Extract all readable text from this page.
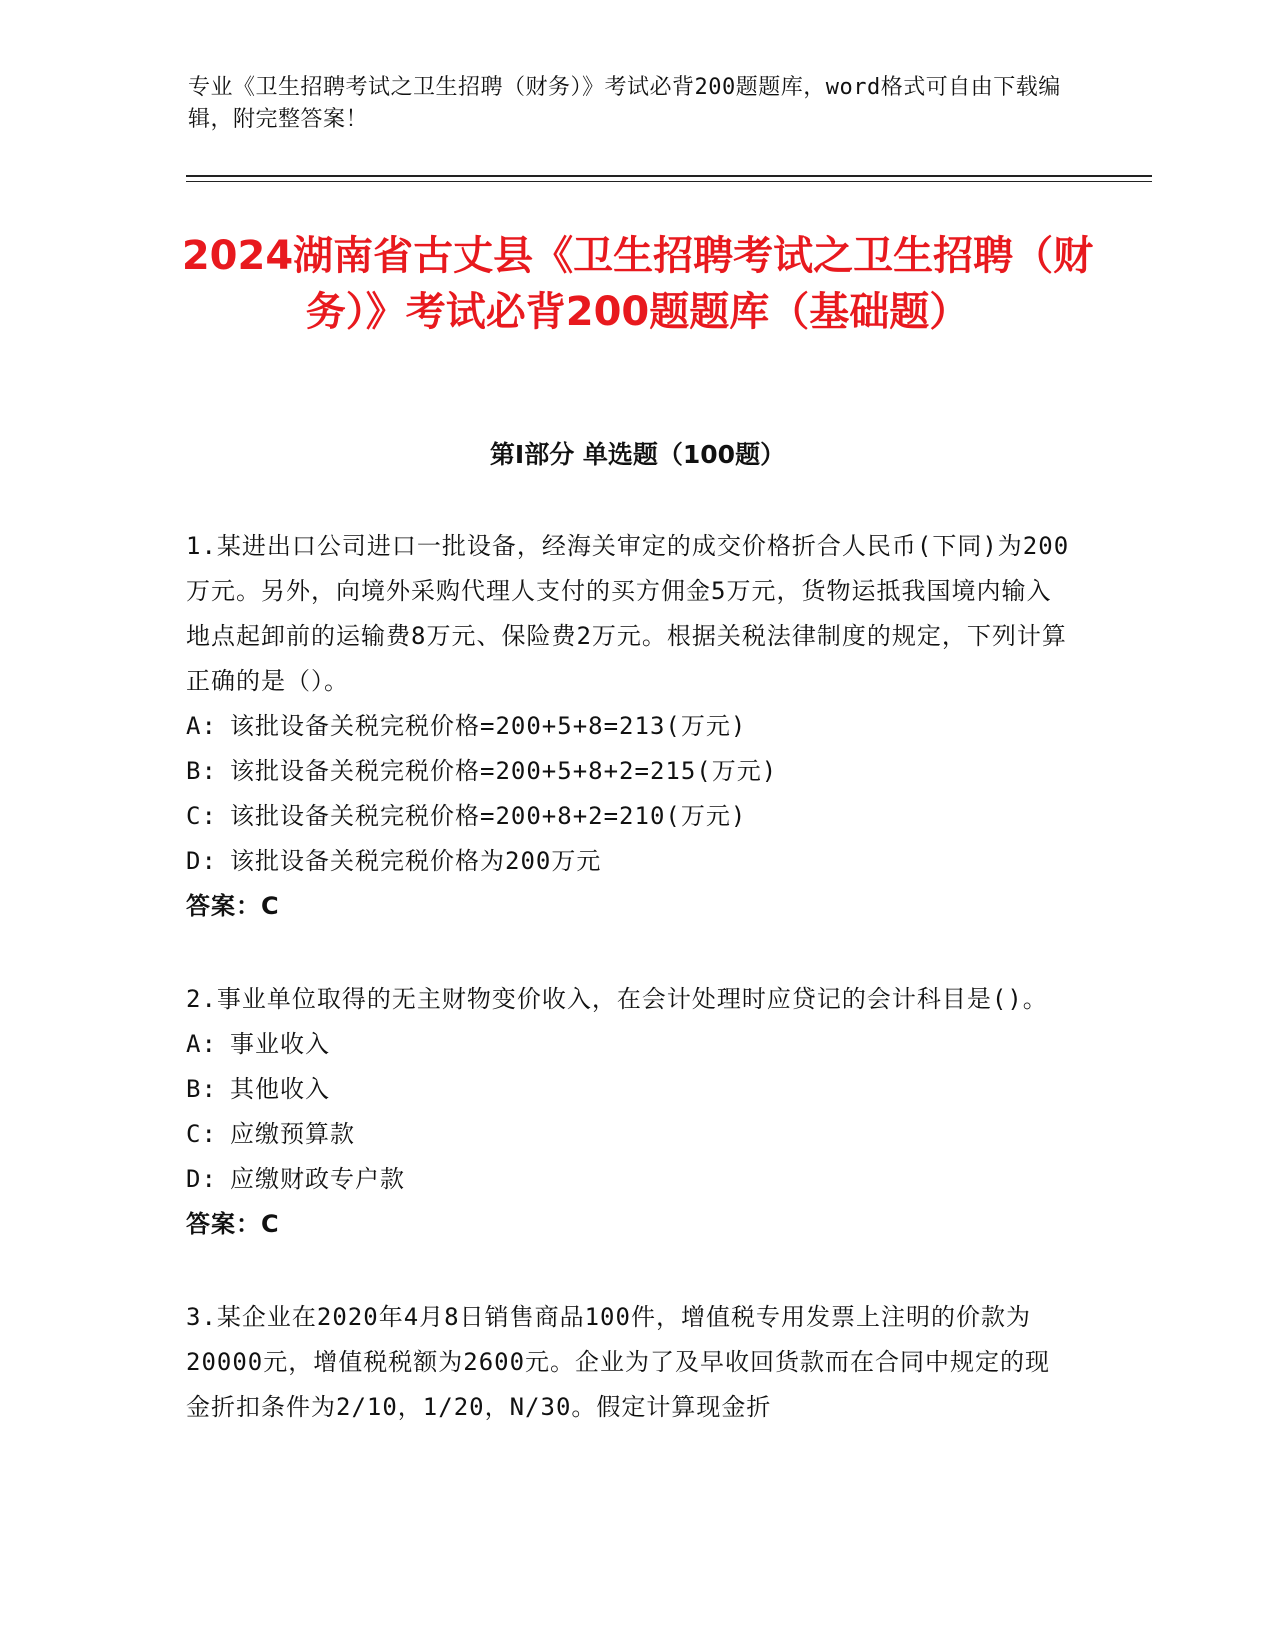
专业《卫生招聘考试之卫生招聘（财务）》考试必背200题题库，word格式可自由下载编辑，附完整答案！
2024湖南省古丈县《卫生招聘考试之卫生招聘（财务）》考试必背200题题库（基础题）
第Ⅰ部分 单选题（100题）
1.某进出口公司进口一批设备，经海关审定的成交价格折合人民币(下同)为200万元。另外，向境外采购代理人支付的买方佣金5万元，货物运抵我国境内输入地点起卸前的运输费8万元、保险费2万元。根据关税法律制度的规定，下列计算正确的是（）。
A: 该批设备关税完税价格=200+5+8=213(万元)
B: 该批设备关税完税价格=200+5+8+2=215(万元)
C: 该批设备关税完税价格=200+8+2=210(万元)
D: 该批设备关税完税价格为200万元
答案：C
2.事业单位取得的无主财物变价收入，在会计处理时应贷记的会计科目是()。
A: 事业收入
B: 其他收入
C: 应缴预算款
D: 应缴财政专户款
答案：C
3.某企业在2020年4月8日销售商品100件，增值税专用发票上注明的价款为20000元，增值税税额为2600元。企业为了及早收回货款而在合同中规定的现金折扣条件为2/10，1/20，N/30。假定计算现金折
